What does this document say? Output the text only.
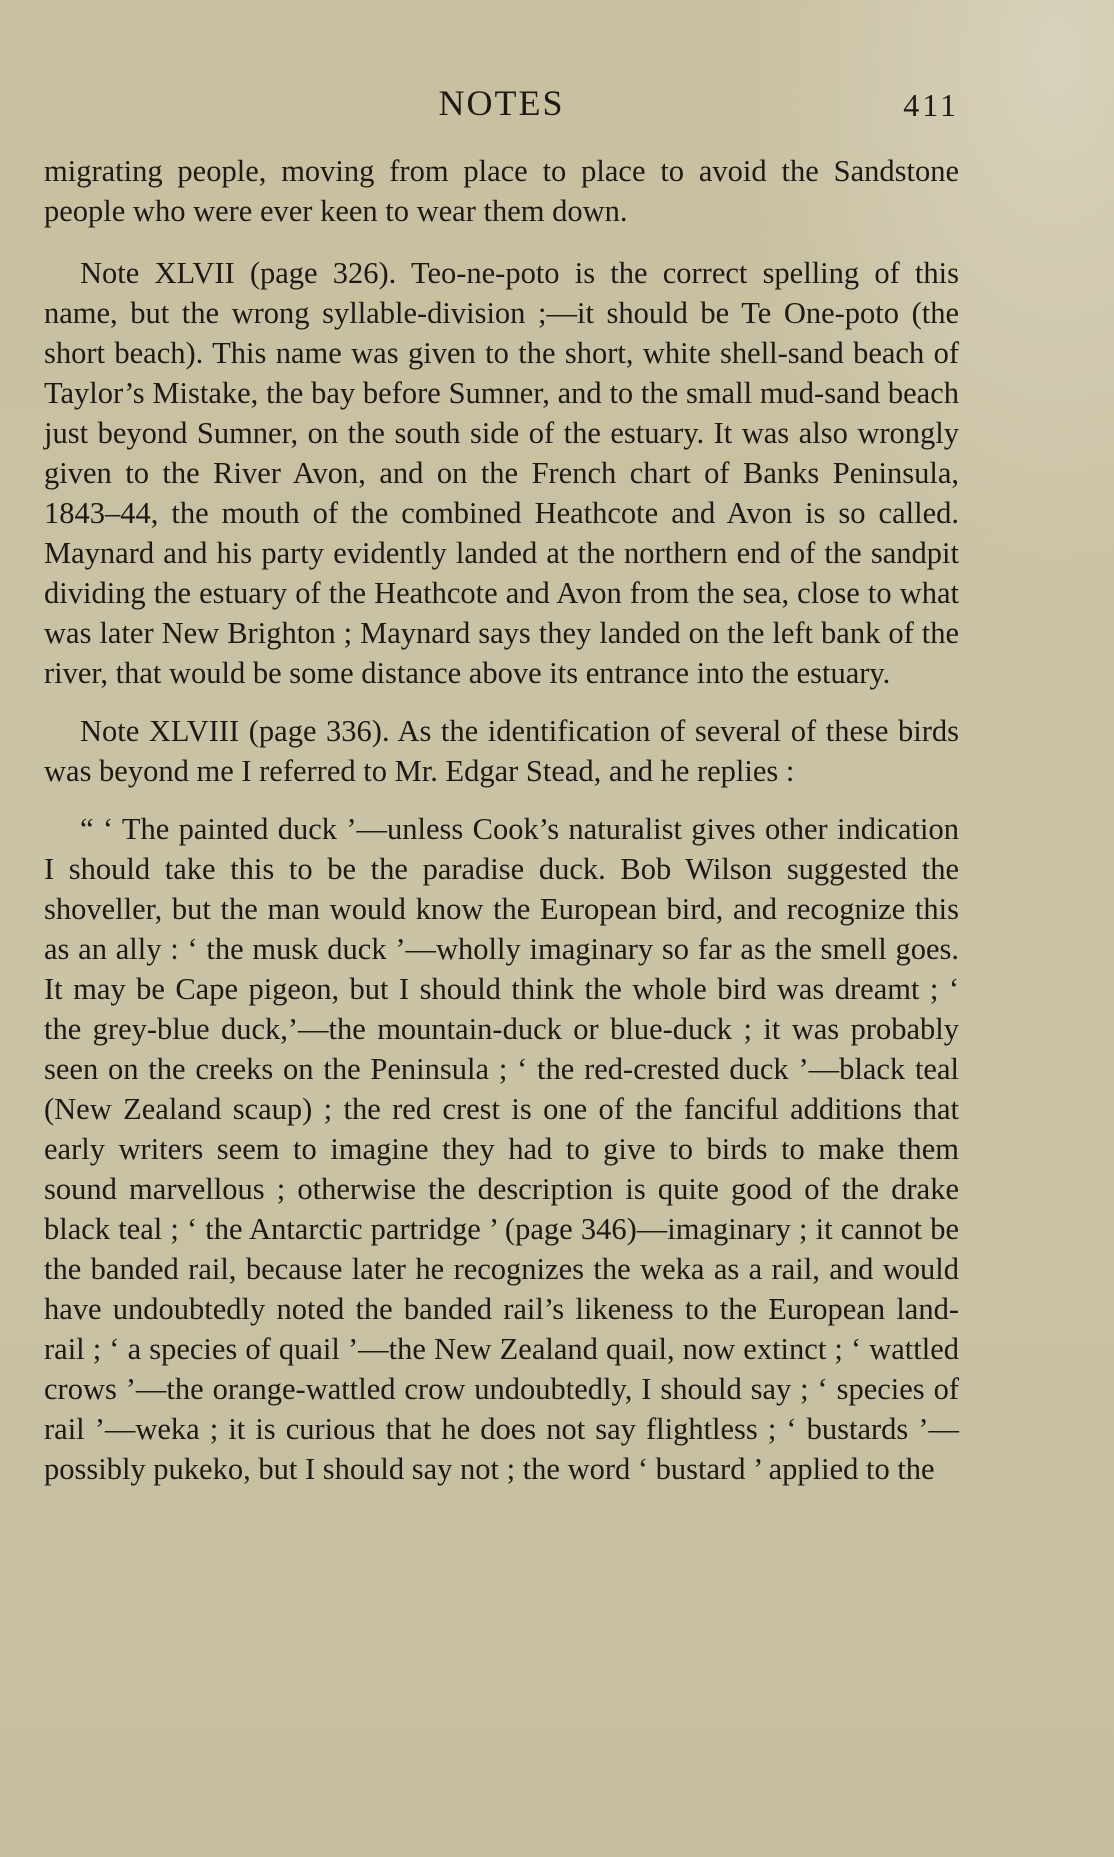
NOTES	411

migrating people, moving from place to place to avoid the Sandstone people who were ever keen to wear them down.

Note XLVII (page 326). Teo-ne-poto is the correct spelling of this name, but the wrong syllable-division ;—it should be Te One-poto (the short beach). This name was given to the short, white shell-sand beach of Taylor’s Mistake, the bay before Sumner, and to the small mud-sand beach just beyond Sumner, on the south side of the estuary. It was also wrongly given to the River Avon, and on the French chart of Banks Peninsula, 1843–44, the mouth of the combined Heathcote and Avon is so called. Maynard and his party evidently landed at the northern end of the sandpit dividing the estuary of the Heathcote and Avon from the sea, close to what was later New Brighton ; Maynard says they landed on the left bank of the river, that would be some distance above its entrance into the estuary.

Note XLVIII (page 336). As the identification of several of these birds was beyond me I referred to Mr. Edgar Stead, and he replies :

“ ‘ The painted duck ’—unless Cook’s naturalist gives other indication I should take this to be the paradise duck. Bob Wilson suggested the shoveller, but the man would know the European bird, and recognize this as an ally : ‘ the musk duck ’—wholly imaginary so far as the smell goes. It may be Cape pigeon, but I should think the whole bird was dreamt ; ‘ the grey-blue duck,’—the mountain-duck or blue-duck ; it was probably seen on the creeks on the Peninsula ; ‘ the red-crested duck ’—black teal (New Zealand scaup) ; the red crest is one of the fanciful additions that early writers seem to imagine they had to give to birds to make them sound marvellous ; otherwise the description is quite good of the drake black teal ; ‘ the Antarctic partridge ’ (page 346)—imaginary ; it cannot be the banded rail, because later he recognizes the weka as a rail, and would have undoubtedly noted the banded rail’s likeness to the European land-rail ; ‘ a species of quail ’—the New Zealand quail, now extinct ; ‘ wattled crows ’—the orange-wattled crow undoubtedly, I should say ; ‘ species of rail ’—weka ; it is curious that he does not say flightless ; ‘ bustards ’—possibly pukeko, but I should say not ; the word ‘ bustard ’ applied to the
